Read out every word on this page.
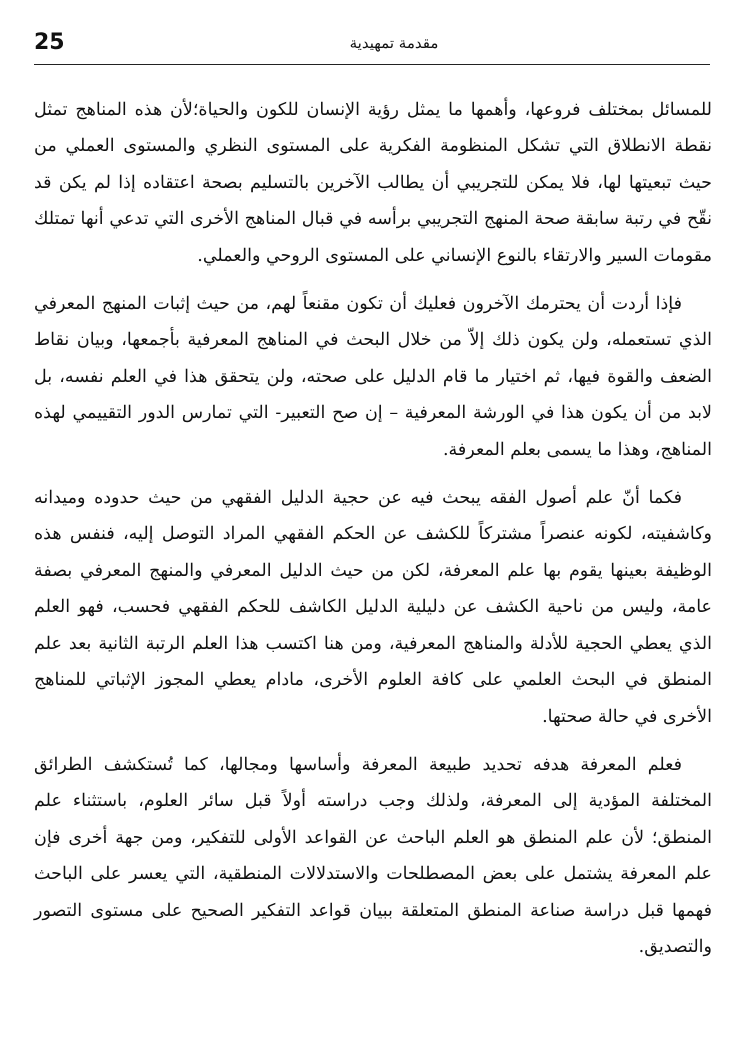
25	مقدمة تمهيدية

للمسائل بمختلف فروعها، وأهمها ما يمثل رؤية الإنسان للكون والحياة؛لأن هذه المناهج تمثل نقطة الانطلاق التي تشكل المنظومة الفكرية على المستوى النظري والمستوى العملي من حيث تبعيتها لها، فلا يمكن للتجريبي أن يطالب الآخرين بالتسليم بصحة اعتقاده إذا لم يكن قد نقّح في رتبة سابقة صحة المنهج التجريبي برأسه في قبال المناهج الأخرى التي تدعي أنها تمتلك مقومات السير والارتقاء بالنوع الإنساني على المستوى الروحي والعملي.

فإذا أردت أن يحترمك الآخرون فعليك أن تكون مقنعاً لهم، من حيث إثبات المنهج المعرفي الذي تستعمله، ولن يكون ذلك إلاّ من خلال البحث في المناهج المعرفية بأجمعها، وبيان نقاط الضعف والقوة فيها، ثم اختيار ما قام الدليل على صحته، ولن يتحقق هذا في العلم نفسه، بل لابد من أن يكون هذا في الورشة المعرفية – إن صح التعبير- التي تمارس الدور التقييمي لهذه المناهج، وهذا ما يسمى بعلم المعرفة.

فكما أنّ علم أصول الفقه يبحث فيه عن حجية الدليل الفقهي من حيث حدوده وميدانه وكاشفيته، لكونه عنصراً مشتركاً للكشف عن الحكم الفقهي المراد التوصل إليه، فنفس هذه الوظيفة بعينها يقوم بها علم المعرفة، لكن من حيث الدليل المعرفي والمنهج المعرفي بصفة عامة، وليس من ناحية الكشف عن دليلية الدليل الكاشف للحكم الفقهي فحسب، فهو العلم الذي يعطي الحجية للأدلة والمناهج المعرفية، ومن هنا اكتسب هذا العلم الرتبة الثانية بعد علم المنطق في البحث العلمي على كافة العلوم الأخرى، مادام يعطي المجوز الإثباتي للمناهج الأخرى في حالة صحتها.

فعلم المعرفة هدفه تحديد طبيعة المعرفة وأساسها ومجالها، كما تُستكشف الطرائق المختلفة المؤدية إلى المعرفة، ولذلك وجب دراسته أولاً قبل سائر العلوم، باستثناء علم المنطق؛ لأن علم المنطق هو العلم الباحث عن القواعد الأولى للتفكير، ومن جهة أخرى فإن علم المعرفة يشتمل على بعض المصطلحات والاستدلالات المنطقية، التي يعسر على الباحث فهمها قبل دراسة صناعة المنطق المتعلقة ببيان قواعد التفكير الصحيح على مستوى التصور والتصديق.
